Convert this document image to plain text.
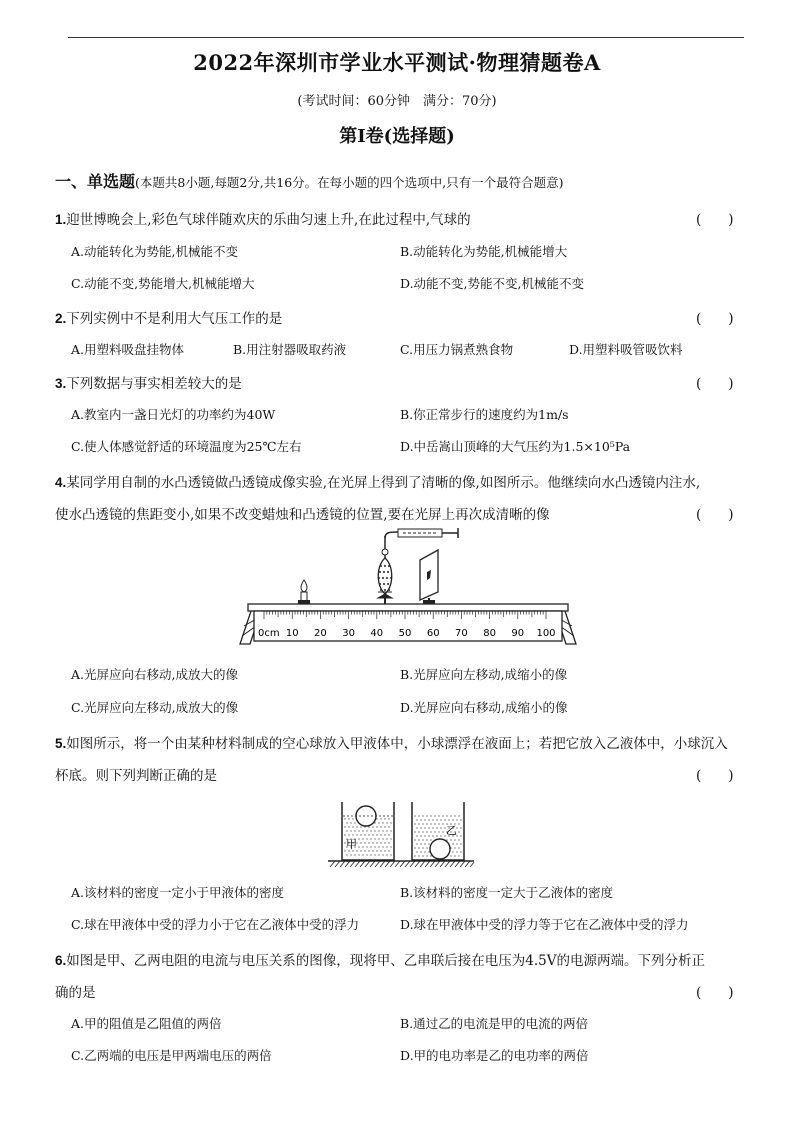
2022年深圳市学业水平测试·物理猜题卷A
(考试时间：60分钟　满分：70分)
第Ⅰ卷(选择题)
一、单选题(本题共8小题,每题2分,共16分。在每小题的四个选项中,只有一个最符合题意)
1.迎世博晚会上,彩色气球伴随欢庆的乐曲匀速上升,在此过程中,气球的	(　　)
A.动能转化为势能,机械能不变	B.动能转化为势能,机械能增大
C.动能不变,势能增大,机械能增大	D.动能不变,势能不变,机械能不变
2.下列实例中不是利用大气压工作的是	(　　)
A.用塑料吸盘挂物体	B.用注射器吸取药液	C.用压力锅煮熟食物	D.用塑料吸管吸饮料
3.下列数据与事实相差较大的是	(　　)
A.教室内一盏日光灯的功率约为40W	B.你正常步行的速度约为1m/s
C.使人体感觉舒适的环境温度为25℃左右	D.中岳嵩山顶峰的大气压约为1.5×10⁵Pa
4.某同学用自制的水凸透镜做凸透镜成像实验,在光屏上得到了清晰的像,如图所示。他继续向水凸透镜内注水,
使水凸透镜的焦距变小,如果不改变蜡烛和凸透镜的位置,要在光屏上再次成清晰的像	(　　)
0cm 10 20 30 40 50 60 70 80 90 100
A.光屏应向右移动,成放大的像	B.光屏应向左移动,成缩小的像
C.光屏应向左移动,成放大的像	D.光屏应向右移动,成缩小的像
5.如图所示，将一个由某种材料制成的空心球放入甲液体中，小球漂浮在液面上；若把它放入乙液体中，小球沉入
杯底。则下列判断正确的是	(　　)
甲
乙
A.该材料的密度一定小于甲液体的密度	B.该材料的密度一定大于乙液体的密度
C.球在甲液体中受的浮力小于它在乙液体中受的浮力	D.球在甲液体中受的浮力等于它在乙液体中受的浮力
6.如图是甲、乙两电阻的电流与电压关系的图像，现将甲、乙串联后接在电压为4.5V的电源两端。下列分析正
确的是	(　　)
A.甲的阻值是乙阻值的两倍	B.通过乙的电流是甲的电流的两倍
C.乙两端的电压是甲两端电压的两倍	D.甲的电功率是乙的电功率的两倍
